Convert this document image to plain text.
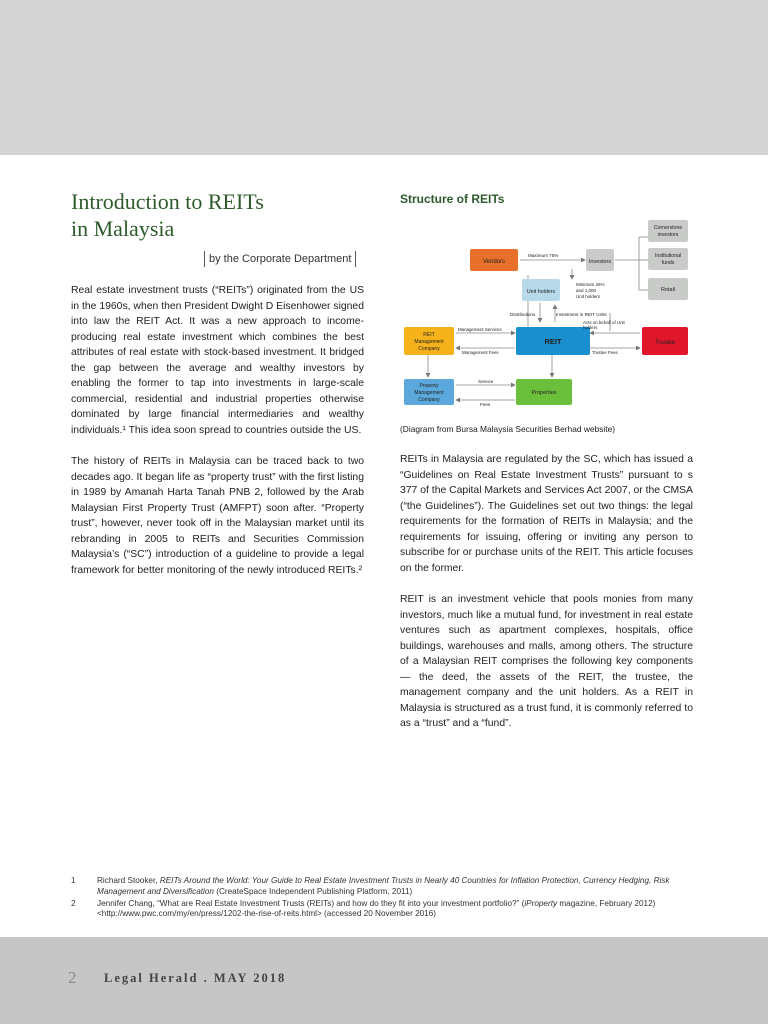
Introduction to REITs
in Malaysia
by the Corporate Department

Real estate investment trusts (“REITs”) originated from the US in the 1960s, when then President Dwight D Eisenhower signed into law the REIT Act. It was a new approach to income-producing real estate investment which combines the best attributes of real estate with stock-based investment. It bridged the gap between the average and wealthy investors by enabling the former to tap into investments in large-scale commercial, residential and industrial properties otherwise dominated by large financial intermediaries and wealthy individuals.¹ This idea soon spread to countries outside the US.

The history of REITs in Malaysia can be traced back to two decades ago. It began life as “property trust” with the first listing in 1989 by Amanah Harta Tanah PNB 2, followed by the Arab Malaysian First Property Trust (AMFPT) soon after. “Property trust”, however, never took off in the Malaysian market until its rebranding in 2005 to REITs and Securities Commission Malaysia’s (“SC”) introduction of a guideline to provide a legal framework for better monitoring of the newly introduced REITs.²

Structure of REITs
Vendors	Investors
Cornerstone
investors
Institutional
funds
Retail
Unit holders
REIT
REIT
Management
Company
Trustee
Property
Management
Company
Properties
Maximum 75%
Minimum 25%
and 1,000
Unit holders
Distributions	Investment in REIT Units
Acts on behalf of Unit
holders
Management Services
Management Fees	Trustee Fees
Service
Fees
(Diagram from Bursa Malaysia Securities Berhad website)

REITs in Malaysia are regulated by the SC, which has issued a “Guidelines on Real Estate Investment Trusts” pursuant to s 377 of the Capital Markets and Services Act 2007, or the CMSA (“the Guidelines”). The Guidelines set out two things: the legal requirements for the formation of REITs in Malaysia; and the requirements for issuing, offering or inviting any person to subscribe for or purchase units of the REIT. This article focuses on the former.

REIT is an investment vehicle that pools monies from many investors, much like a mutual fund, for investment in real estate ventures such as apartment complexes, hospitals, office buildings, warehouses and malls, among others. The structure of a Malaysian REIT comprises the following key components — the deed, the assets of the REIT, the trustee, the management company and the unit holders. As a REIT in Malaysia is structured as a trust fund, it is commonly referred to as a “trust” and a “fund”.

1	Richard Stooker, REITs Around the World: Your Guide to Real Estate Investment Trusts in Nearly 40 Countries for Inflation Protection, Currency Hedging, Risk Management and Diversification (CreateSpace Independent Publishing Platform, 2011)
2	Jennifer Chang, “What are Real Estate Investment Trusts (REITs) and how do they fit into your investment portfolio?” (iProperty magazine, February 2012) <http://www.pwc.com/my/en/press/1202-the-rise-of-reits.html> (accessed 20 November 2016)
2 Legal Herald . MAY 2018
